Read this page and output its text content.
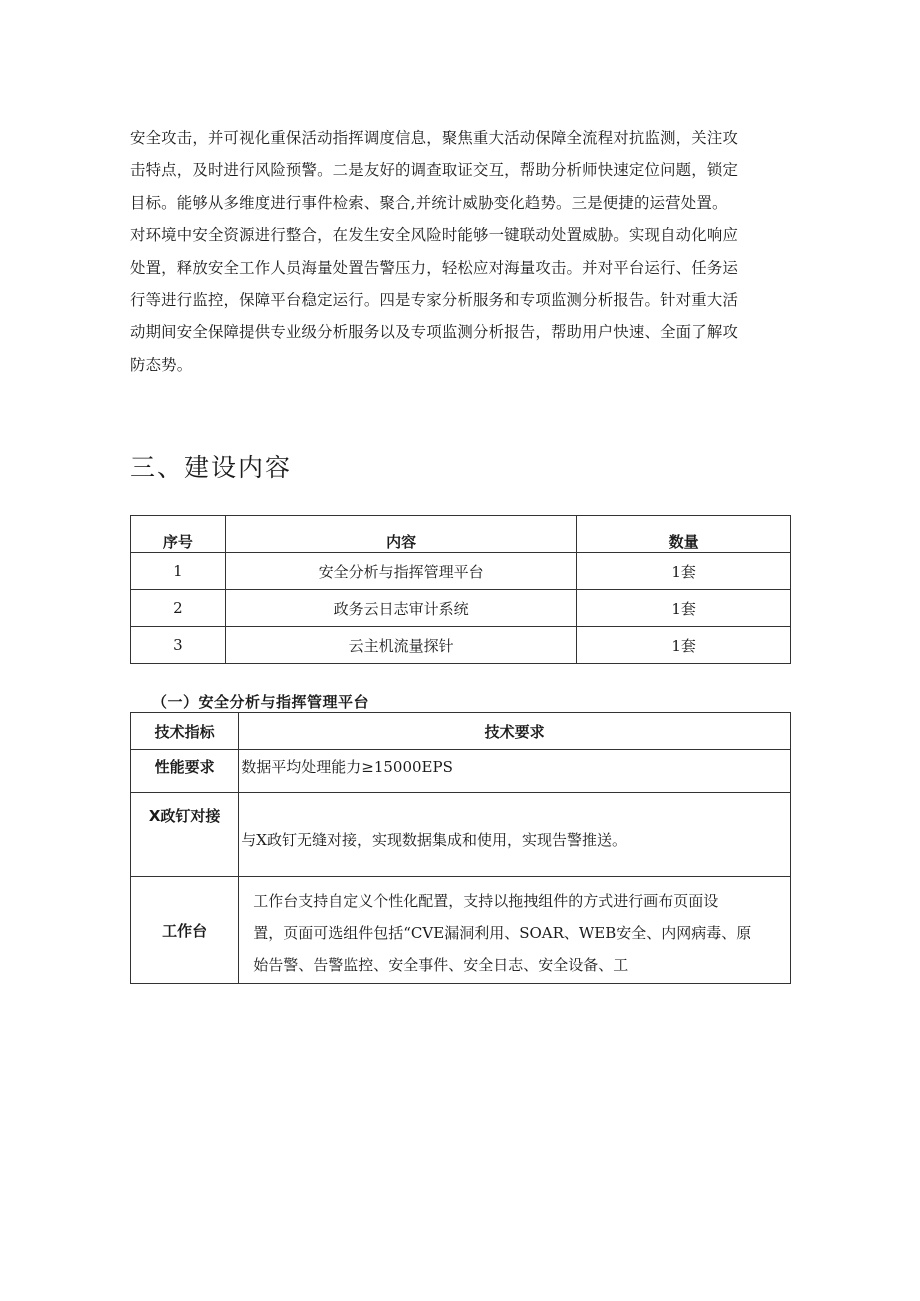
安全攻击，并可视化重保活动指挥调度信息，聚焦重大活动保障全流程对抗监测，关注攻
击特点，及时进行风险预警。二是友好的调查取证交互，帮助分析师快速定位问题，锁定
目标。能够从多维度进行事件检索、聚合,并统计威胁变化趋势。三是便捷的运营处置。
对环境中安全资源进行整合，在发生安全风险时能够一键联动处置威胁。实现自动化响应
处置，释放安全工作人员海量处置告警压力，轻松应对海量攻击。并对平台运行、任务运
行等进行监控，保障平台稳定运行。四是专家分析服务和专项监测分析报告。针对重大活
动期间安全保障提供专业级分析服务以及专项监测分析报告，帮助用户快速、全面了解攻
防态势。
三、建设内容
序号	内容	数量
1	安全分析与指挥管理平台	1套
2	政务云日志审计系统	1套
3	云主机流量探针	1套
（一）安全分析与指挥管理平台
技术指标	技术要求
性能要求	数据平均处理能力≥15000EPS
X政钉对接	与X政钉无缝对接，实现数据集成和使用，实现告警推送。
工作台	工作台支持自定义个性化配置，支持以拖拽组件的方式进行画布页面设
置，页面可选组件包括“CVE漏洞利用、SOAR、WEB安全、内网病毒、原
始告警、告警监控、安全事件、安全日志、安全设备、工
